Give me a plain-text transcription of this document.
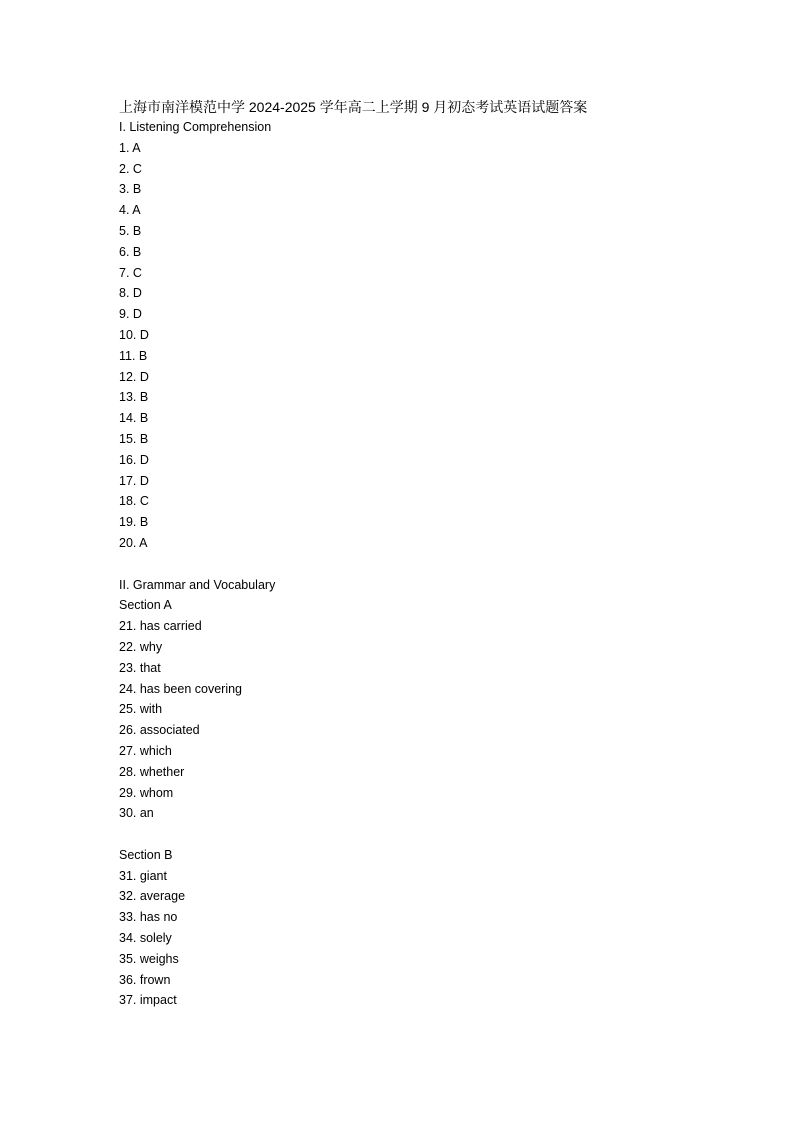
上海市南洋模范中学 2024-2025 学年高二上学期 9 月初态考试英语试题答案
I. Listening Comprehension
1. A
2. C
3. B
4. A
5. B
6. B
7. C
8. D
9. D
10. D
11. B
12. D
13. B
14. B
15. B
16. D
17. D
18. C
19. B
20. A
II. Grammar and Vocabulary
Section A
21. has carried
22. why
23. that
24. has been covering
25. with
26. associated
27. which
28. whether
29. whom
30. an
Section B
31. giant
32. average
33. has no
34. solely
35. weighs
36. frown
37. impact
